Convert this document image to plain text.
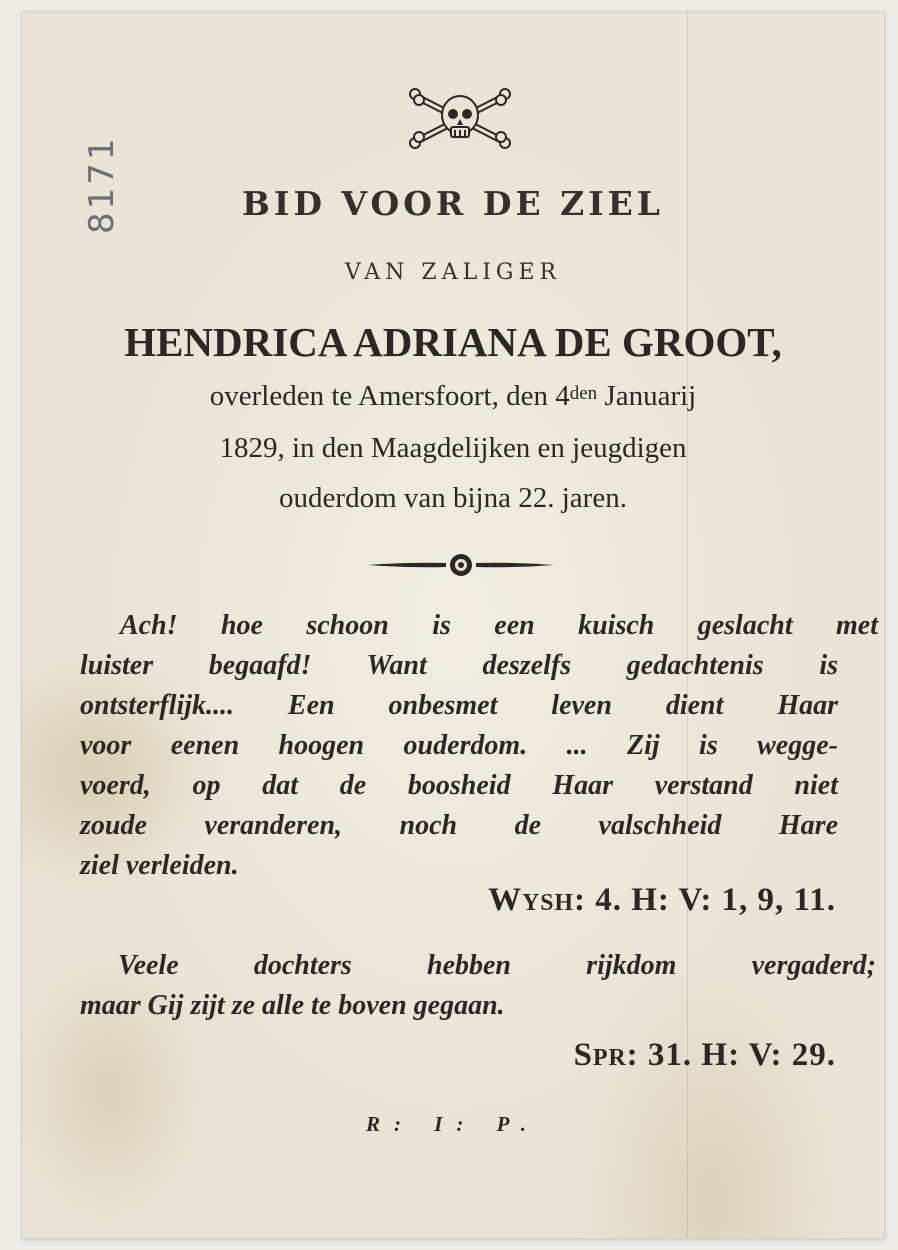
8171	BID VOOR DE ZIEL
VAN ZALIGER
HENDRICA ADRIANA DE GROOT,
overleden te Amersfoort, den $4^{den}$ Januarij
1829, in den Maagdelijken en jeugdigen
ouderdom van bijna 22. jaren.
Ach! hoe schoon is een kuisch geslacht met
luister begaafd! Want deszelfs gedachtenis is
ontsterflijk.... Een onbesmet leven dient Haar
voor eenen hoogen ouderdom. ... Zij is wegge-
voerd, op dat de boosheid Haar verstand niet
zoude veranderen, noch de valschheid Hare
ziel verleiden.
WYSH: 4. H: V: 1, 9, 11.
Veele dochters hebben rijkdom vergaderd;
maar Gij zijt ze alle te boven gegaan.
SPR: 31. H: V: 29.
R: I: P.
